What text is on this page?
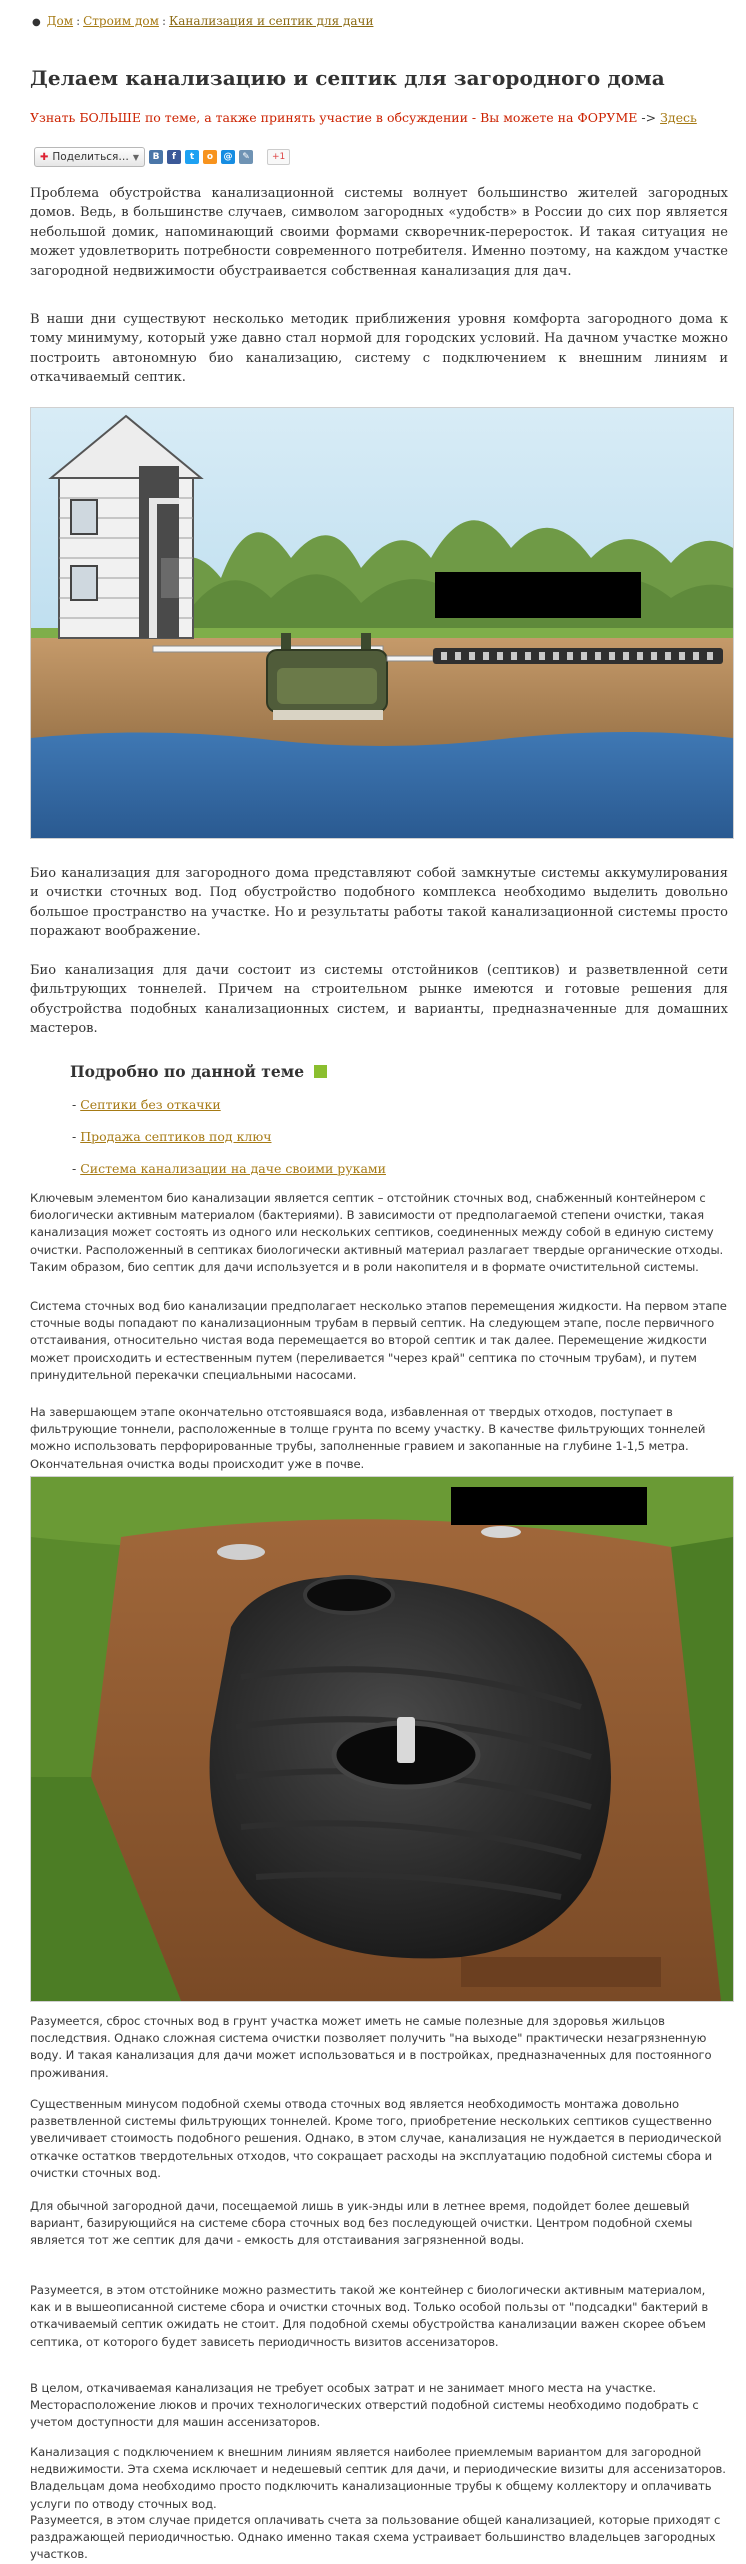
● Дом : Строим дом : Канализация и септик для дачи
Делаем канализацию и септик для загородного дома
Узнать БОЛЬШЕ по теме, а также принять участие в обсуждении - Вы можете на ФОРУМЕ -> Здесь
✚ Поделиться… ▼	В	f	t	о	@	✎	+1

Проблема обустройства канализационной системы волнует большинство жителей загородных домов. Ведь, в большинстве случаев, символом загородных «удобств» в России до сих пор является небольшой домик, напоминающий своими формами скворечник-переросток. И такая ситуация не может удовлетворить потребности современного потребителя. Именно поэтому, на каждом участке загородной недвижимости обустраивается собственная канализация для дач.

В наши дни существуют несколько методик приближения уровня комфорта загородного дома к тому минимуму, который уже давно стал нормой для городских условий. На дачном участке можно построить автономную био канализацию, систему с подключением к внешним линиям и откачиваемый септик.

Био канализация для загородного дома представляют собой замкнутые системы аккумулирования и очистки сточных вод. Под обустройство подобного комплекса необходимо выделить довольно большое пространство на участке. Но и результаты работы такой канализационной системы просто поражают воображение.

Био канализация для дачи состоит из системы отстойников (септиков) и разветвленной сети фильтрующих тоннелей. Причем на строительном рынке имеются и готовые решения для обустройства подобных канализационных систем, и варианты, предназначенные для домашних мастеров.

Подробно по данной теме
- Септики без откачки
- Продажа септиков под ключ
- Система канализации на даче своими руками

Ключевым элементом био канализации является септик – отстойник сточных вод, снабженный контейнером с биологически активным материалом (бактериями). В зависимости от предполагаемой степени очистки, такая канализация может состоять из одного или нескольких септиков, соединенных между собой в единую систему очистки. Расположенный в септиках биологически активный материал разлагает твердые органические отходы. Таким образом, био септик для дачи используется и в роли накопителя и в формате очистительной системы.

Система сточных вод био канализации предполагает несколько этапов перемещения жидкости. На первом этапе сточные воды попадают по канализационным трубам в первый септик. На следующем этапе, после первичного отстаивания, относительно чистая вода перемещается во второй септик и так далее. Перемещение жидкости может происходить и естественным путем (переливается "через край" септика по сточным трубам), и путем принудительной перекачки специальными насосами.

На завершающем этапе окончательно отстоявшаяся вода, избавленная от твердых отходов, поступает в фильтрующие тоннели, расположенные в толще грунта по всему участку. В качестве фильтрующих тоннелей можно использовать перфорированные трубы, заполненные гравием и закопанные на глубине 1-1,5 метра. Окончательная очистка воды происходит уже в почве.

Разумеется, сброс сточных вод в грунт участка может иметь не самые полезные для здоровья жильцов последствия. Однако сложная система очистки позволяет получить "на выходе" практически незагрязненную воду. И такая канализация для дачи может использоваться и в постройках, предназначенных для постоянного проживания.

Существенным минусом подобной схемы отвода сточных вод является необходимость монтажа довольно разветвленной системы фильтрующих тоннелей. Кроме того, приобретение нескольких септиков существенно увеличивает стоимость подобного решения. Однако, в этом случае, канализация не нуждается в периодической откачке остатков твердотельных отходов, что сокращает расходы на эксплуатацию подобной системы сбора и очистки сточных вод.

Для обычной загородной дачи, посещаемой лишь в уик-энды или в летнее время, подойдет более дешевый вариант, базирующийся на системе сбора сточных вод без последующей очистки. Центром подобной схемы является тот же септик для дачи - емкость для отстаивания загрязненной воды.

Разумеется, в этом отстойнике можно разместить такой же контейнер с биологически активным материалом, как и в вышеописанной системе сбора и очистки сточных вод. Только особой пользы от "подсадки" бактерий в откачиваемый септик ожидать не стоит. Для подобной схемы обустройства канализации важен скорее объем септика, от которого будет зависеть периодичность визитов ассенизаторов.

В целом, откачиваемая канализация не требует особых затрат и не занимает много места на участке. Месторасположение люков и прочих технологических отверстий подобной системы необходимо подобрать с учетом доступности для машин ассенизаторов.

Канализация с подключением к внешним линиям является наиболее приемлемым вариантом для загородной недвижимости. Эта схема исключает и недешевый септик для дачи, и периодические визиты для ассенизаторов. Владельцам дома необходимо просто подключить канализационные трубы к общему коллектору и оплачивать услуги по отводу сточных вод.

Разумеется, в этом случае придется оплачивать счета за пользование общей канализацией, которые приходят с раздражающей периодичностью. Однако именно такая схема устраивает большинство владельцев загородных участков.
